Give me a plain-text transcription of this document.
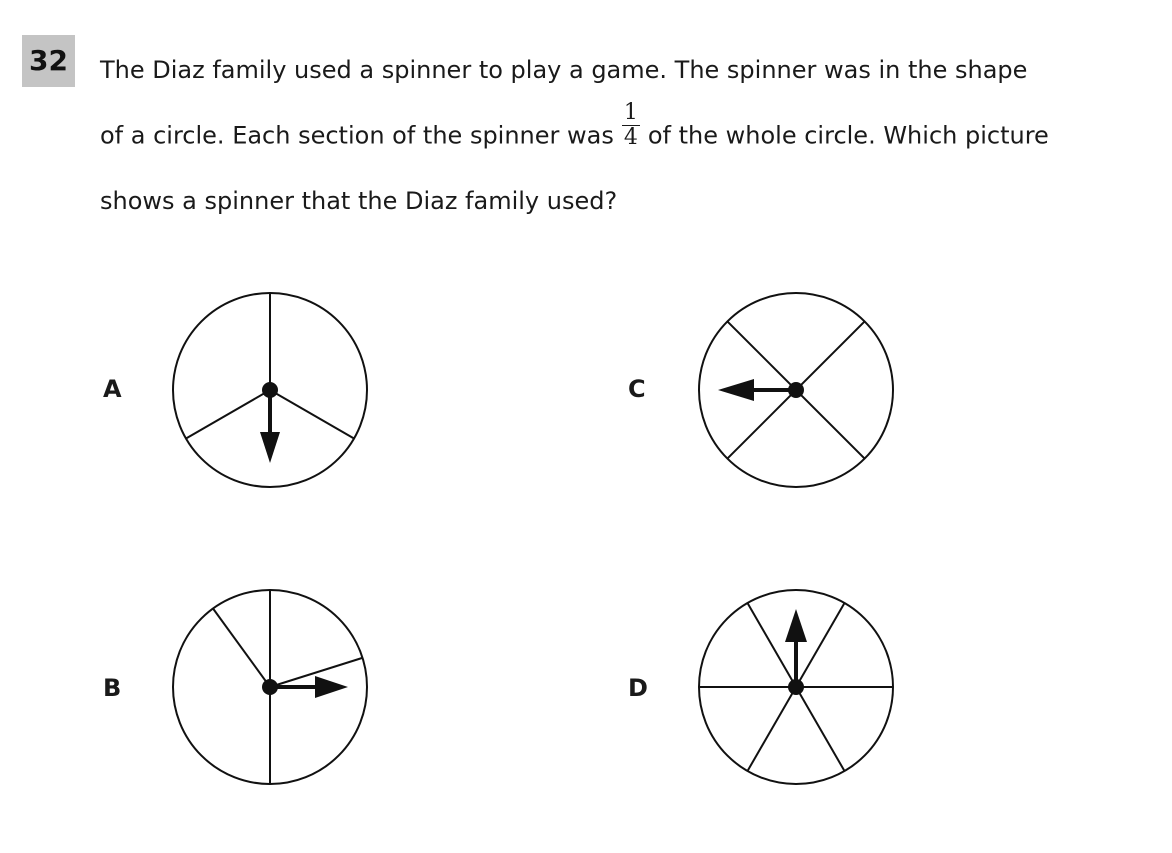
32 The Diaz family used a spinner to play a game. The spinner was in the shape
of a circle. Each section of the spinner was $\frac{1}{4}$ of the whole circle. Which picture
shows a spinner that the Diaz family used?
A
B
C
D
